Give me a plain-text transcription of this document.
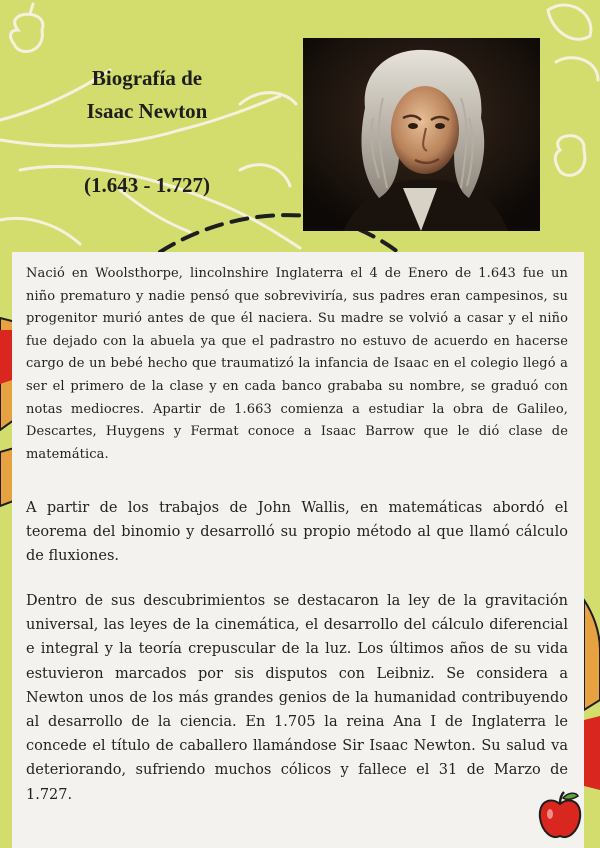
Biografía de
Isaac Newton
(1.643 - 1.727)

Nació en Woolsthorpe, lincolnshire Inglaterra el 4 de Enero de 1.643 fue un niño prematuro y nadie pensó que sobreviviría, sus padres eran campesinos, su progenitor murió antes de que él naciera. Su madre se volvió a casar y el niño fue dejado con la abuela ya que el padrastro no estuvo de acuerdo en hacerse cargo de un bebé hecho que traumatizó la infancia de Isaac en el colegio llegó a ser el primero de la clase y en cada banco grababa su nombre, se graduó con notas mediocres. Apartir de 1.663 comienza a estudiar la obra de Galileo, Descartes, Huygens y Fermat conoce a Isaac Barrow que le dió clase de matemática.

A partir de los trabajos de John Wallis, en matemáticas abordó el teorema del binomio y desarrolló su propio método al que llamó cálculo de fluxiones.

Dentro de sus descubrimientos se destacaron la ley de la gravitación universal, las leyes de la cinemática, el desarrollo del cálculo diferencial e integral y la teoría crepuscular de la luz. Los últimos años de su vida estuvieron marcados por sis disputos con Leibniz. Se considera a Newton unos de los más grandes genios de la humanidad contribuyendo al desarrollo de la ciencia. En 1.705 la reina Ana I de Inglaterra le concede el título de caballero llamándose Sir Isaac Newton. Su salud va deteriorando, sufriendo muchos cólicos y fallece el 31 de Marzo de 1.727.
